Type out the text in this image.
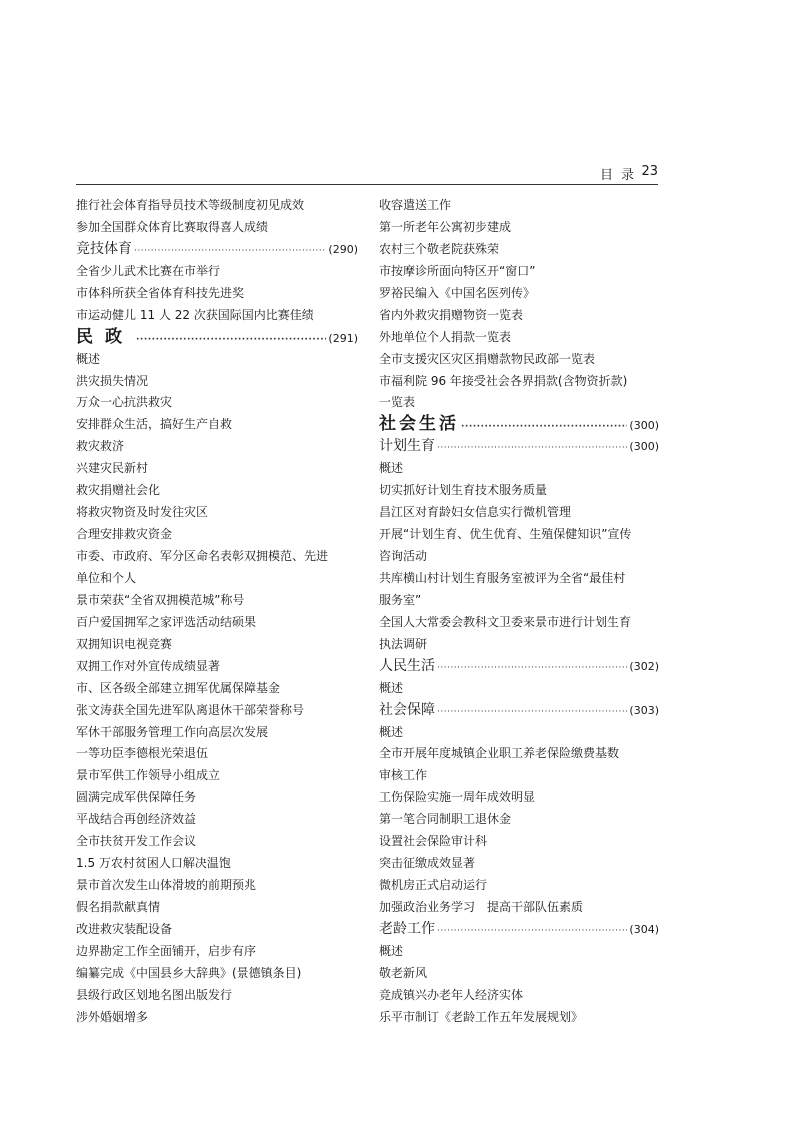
目录 23
推行社会体育指导员技术等级制度初见成效
参加全国群众体育比赛取得喜人成绩
竞技体育 ·····	(290)
全省少儿武术比赛在市举行
市体科所获全省体育科技先进奖
市运动健儿 11 人 22 次获国际国内比赛佳绩
民政 ·····	(291)
概述
洪灾损失情况
万众一心抗洪救灾
安排群众生活，搞好生产自救
救灾救济
兴建灾民新村
救灾捐赠社会化
将救灾物资及时发往灾区
合理安排救灾资金
市委、市政府、军分区命名表彰双拥模范、先进
单位和个人
景市荣获“全省双拥模范城”称号
百户爱国拥军之家评选活动结硕果
双拥知识电视竞赛
双拥工作对外宣传成绩显著
市、区各级全部建立拥军优属保障基金
张文涛获全国先进军队离退休干部荣誉称号
军休干部服务管理工作向高层次发展
一等功臣李德根光荣退伍
景市军供工作领导小组成立
圆满完成军供保障任务
平战结合再创经济效益
全市扶贫开发工作会议
1.5 万农村贫困人口解决温饱
景市首次发生山体滑坡的前期预兆
假名捐款献真情
改进救灾装配设备
边界勘定工作全面铺开，启步有序
编纂完成《中国县乡大辞典》(景德镇条目)
县级行政区划地名图出版发行
涉外婚姻增多
收容遣送工作
第一所老年公寓初步建成
农村三个敬老院获殊荣
市按摩诊所面向特区开“窗口”
罗裕民编入《中国名医列传》
省内外救灾捐赠物资一览表
外地单位个人捐款一览表
全市支援灾区灾区捐赠款物民政部一览表
市福利院 96 年接受社会各界捐款(含物资折款)
一览表
社会生活 ·····	(300)
计划生育 ·····	(300)
概述
切实抓好计划生育技术服务质量
昌江区对育龄妇女信息实行微机管理
开展“计划生育、优生优育、生殖保健知识”宣传
咨询活动
共库横山村计划生育服务室被评为全省“最佳村
服务室”
全国人大常委会教科文卫委来景市进行计划生育
执法调研
人民生活 ·····	(302)
概述
社会保障 ·····	(303)
概述
全市开展年度城镇企业职工养老保险缴费基数
审核工作
工伤保险实施一周年成效明显
第一笔合同制职工退休金
设置社会保险审计科
突击征缴成效显著
微机房正式启动运行
加强政治业务学习　提高干部队伍素质
老龄工作 ·····	(304)
概述
敬老新风
竞成镇兴办老年人经济实体
乐平市制订《老龄工作五年发展规划》
